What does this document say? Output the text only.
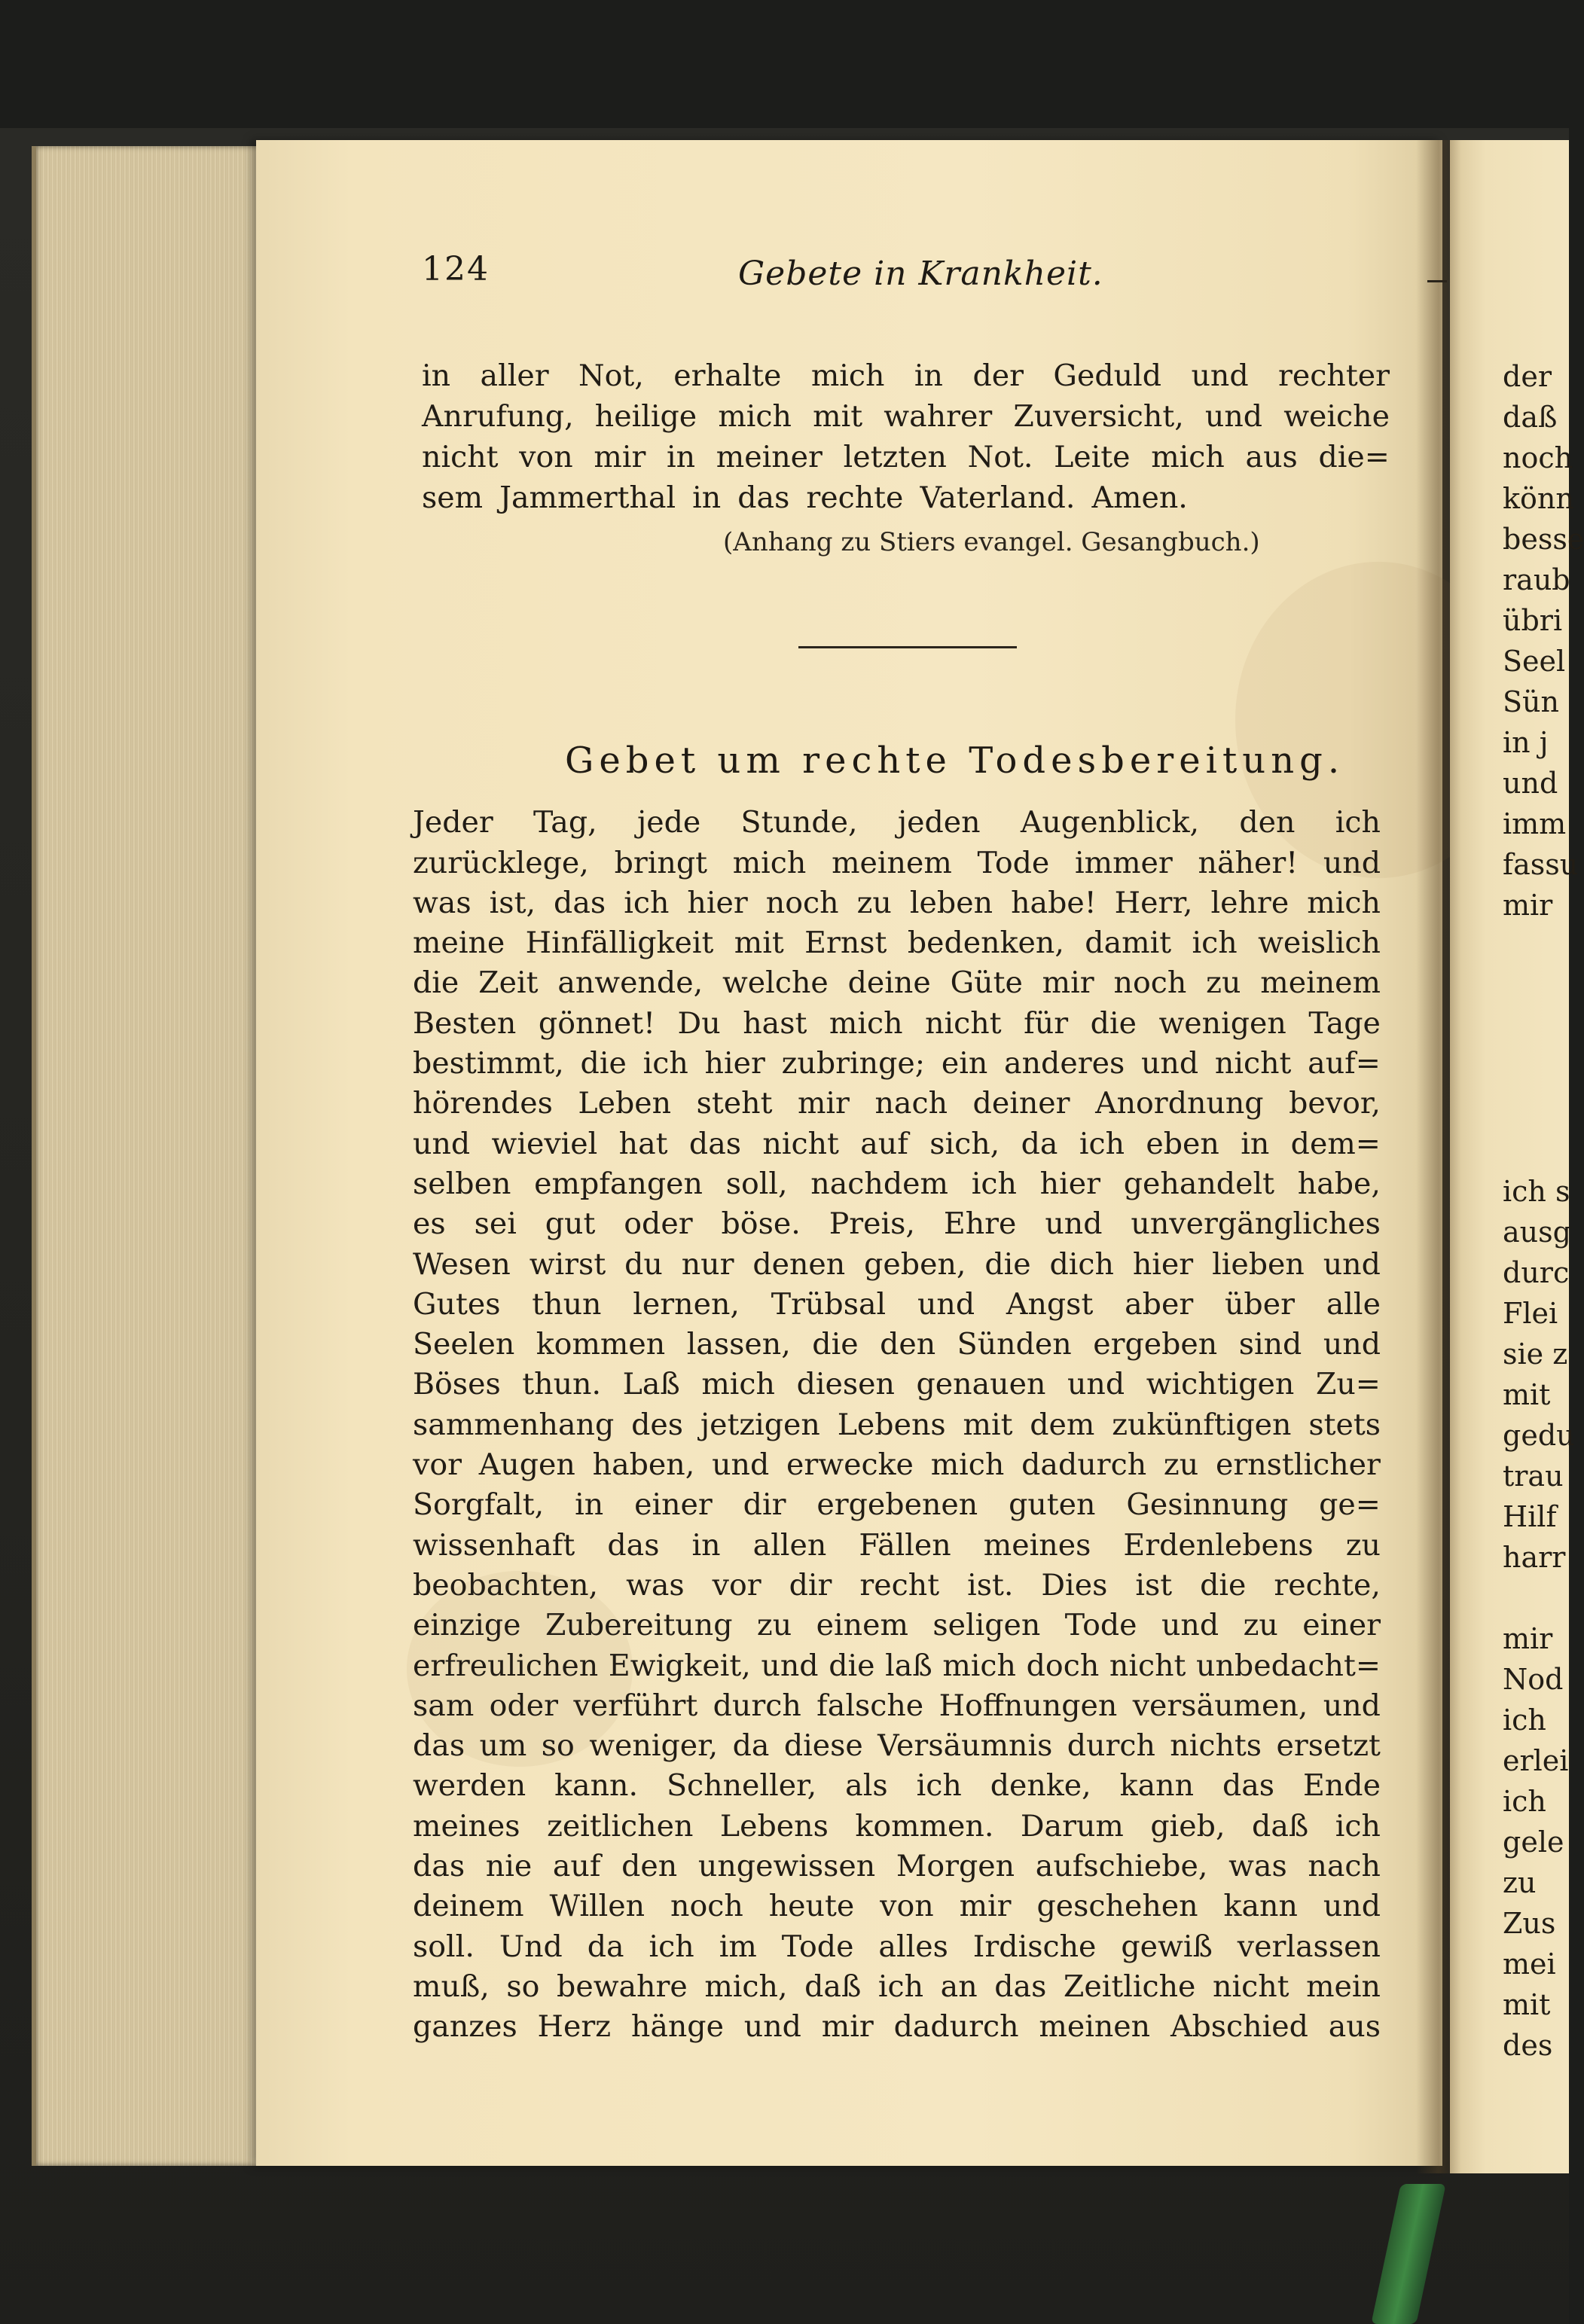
124	Gebete in Krankheit.
in aller Not, erhalte mich in der Geduld und rechter
Anrufung, heilige mich mit wahrer Zuversicht, und weiche
nicht von mir in meiner letzten Not. Leite mich aus die=
sem Jammerthal in das rechte Vaterland. Amen.
(Anhang zu Stiers evangel. Gesangbuch.)
Gebet um rechte Todesbereitung.
Jeder Tag, jede Stunde, jeden Augenblick, den ich
zurücklege, bringt mich meinem Tode immer näher! und
was ist, das ich hier noch zu leben habe! Herr, lehre mich
meine Hinfälligkeit mit Ernst bedenken, damit ich weislich
die Zeit anwende, welche deine Güte mir noch zu meinem
Besten gönnet! Du hast mich nicht für die wenigen Tage
bestimmt, die ich hier zubringe; ein anderes und nicht auf=
hörendes Leben steht mir nach deiner Anordnung bevor,
und wieviel hat das nicht auf sich, da ich eben in dem=
selben empfangen soll, nachdem ich hier gehandelt habe,
es sei gut oder böse. Preis, Ehre und unvergängliches
Wesen wirst du nur denen geben, die dich hier lieben und
Gutes thun lernen, Trübsal und Angst aber über alle
Seelen kommen lassen, die den Sünden ergeben sind und
Böses thun. Laß mich diesen genauen und wichtigen Zu=
sammenhang des jetzigen Lebens mit dem zukünftigen stets
vor Augen haben, und erwecke mich dadurch zu ernstlicher
Sorgfalt, in einer dir ergebenen guten Gesinnung ge=
wissenhaft das in allen Fällen meines Erdenlebens zu
beobachten, was vor dir recht ist. Dies ist die rechte,
einzige Zubereitung zu einem seligen Tode und zu einer
erfreulichen Ewigkeit, und die laß mich doch nicht unbedacht=
sam oder verführt durch falsche Hoffnungen versäumen, und
das um so weniger, da diese Versäumnis durch nichts ersetzt
werden kann. Schneller, als ich denke, kann das Ende
meines zeitlichen Lebens kommen. Darum gieb, daß ich
das nie auf den ungewissen Morgen aufschiebe, was nach
deinem Willen noch heute von mir geschehen kann und
soll. Und da ich im Tode alles Irdische gewiß verlassen
muß, so bewahre mich, daß ich an das Zeitliche nicht mein
ganzes Herz hänge und mir dadurch meinen Abschied aus
der
daß
noch
könn
besse
raub
übri
Seel
Sün
in j
und
imm
fassu
mir
ich s
ausg
durc
Flei
sie z
mit
gedu
trau
Hilf
harr
mir
Nod
ich
erlei
ich
gele
zu
Zus
mei
mit
des
